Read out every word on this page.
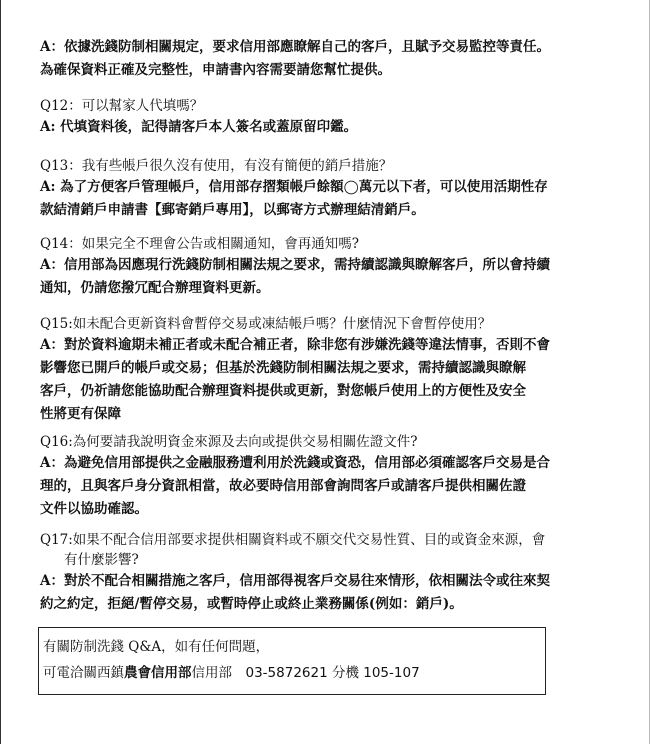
A：依據洗錢防制相關規定，要求信用部應瞭解自己的客戶，且賦予交易監控等責任。
為確保資料正確及完整性，申請書內容需要請您幫忙提供。
Q12：可以幫家人代填嗎？
A: 代填資料後，記得請客戶本人簽名或蓋原留印鑑。
Q13：我有些帳戶很久沒有使用，有沒有簡便的銷戶措施？
A: 為了方便客戶管理帳戶，信用部存摺類帳戶餘額◯萬元以下者，可以使用活期性存
款結清銷戶申請書【郵寄銷戶專用】，以郵寄方式辦理結清銷戶。
Q14：如果完全不理會公告或相關通知，會再通知嗎?
A：信用部為因應現行洗錢防制相關法規之要求，需持續認識與瞭解客戶，所以會持續
通知，仍請您撥冗配合辦理資料更新。
Q15:如未配合更新資料會暫停交易或凍結帳戶嗎？什麼情況下會暫停使用？
A：對於資料逾期未補正者或未配合補正者，除非您有涉嫌洗錢等違法情事，否則不會
影響您已開戶的帳戶或交易；但基於洗錢防制相關法規之要求，需持續認識與瞭解
客戶，仍祈請您能協助配合辦理資料提供或更新，對您帳戶使用上的方便性及安全
性將更有保障
Q16:為何要請我說明資金來源及去向或提供交易相關佐證文件?
A：為避免信用部提供之金融服務遭利用於洗錢或資恐，信用部必須確認客戶交易是合
理的，且與客戶身分資訊相當，故必要時信用部會詢問客戶或請客戶提供相關佐證
文件以協助確認。
Q17:如果不配合信用部要求提供相關資料或不願交代交易性質、目的或資金來源，會
有什麼影響?
A：對於不配合相關措施之客戶，信用部得視客戶交易往來情形，依相關法令或往來契
約之約定，拒絕/暫停交易，或暫時停止或終止業務關係(例如：銷戶)。
有關防制洗錢 Q&A，如有任何問題，
可電洽關西鎮農會信用部信用部　03-5872621 分機 105-107
